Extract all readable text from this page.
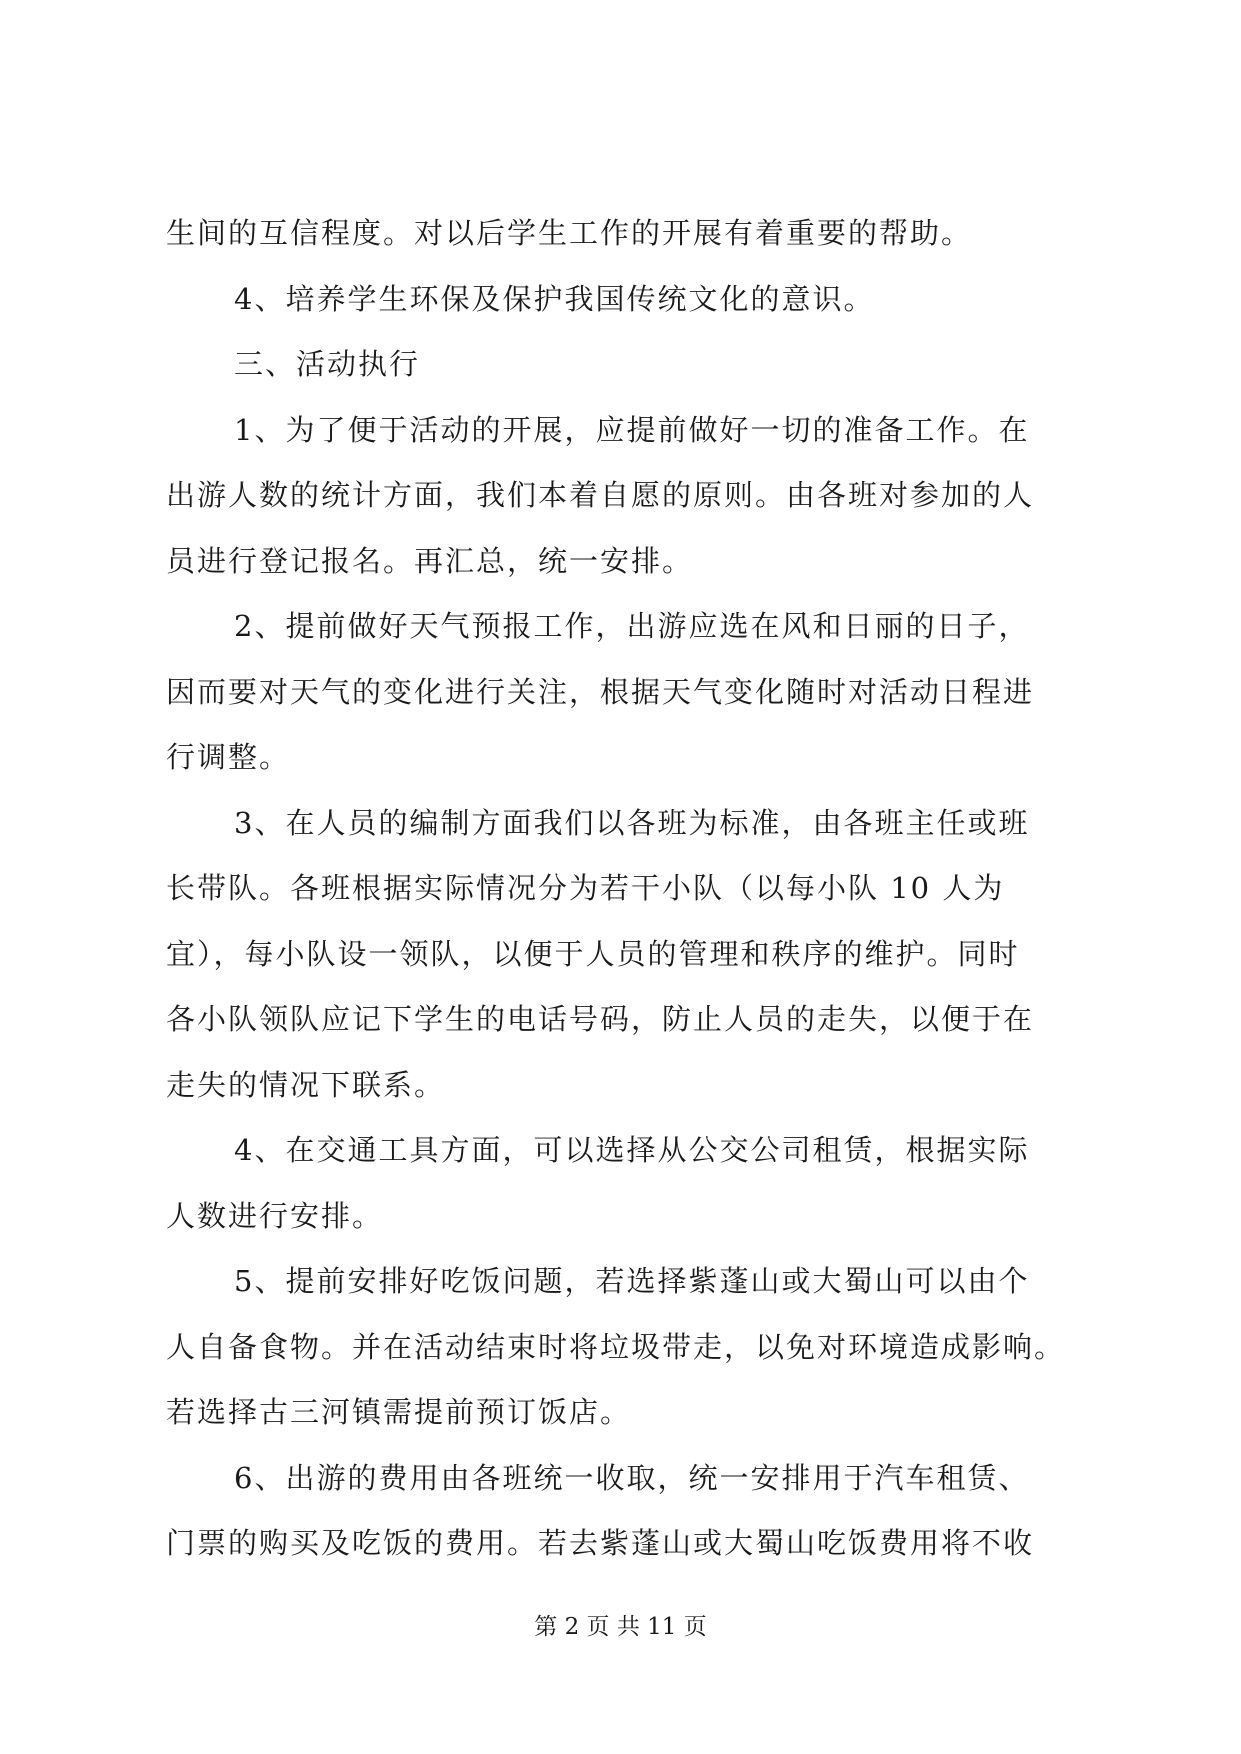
生间的互信程度。对以后学生工作的开展有着重要的帮助。
4、培养学生环保及保护我国传统文化的意识。
三、活动执行
1、为了便于活动的开展，应提前做好一切的准备工作。在
出游人数的统计方面，我们本着自愿的原则。由各班对参加的人
员进行登记报名。再汇总，统一安排。
2、提前做好天气预报工作，出游应选在风和日丽的日子，
因而要对天气的变化进行关注，根据天气变化随时对活动日程进
行调整。
3、在人员的编制方面我们以各班为标准，由各班主任或班
长带队。各班根据实际情况分为若干小队（以每小队 10 人为
宜），每小队设一领队，以便于人员的管理和秩序的维护。同时
各小队领队应记下学生的电话号码，防止人员的走失，以便于在
走失的情况下联系。
4、在交通工具方面，可以选择从公交公司租赁，根据实际
人数进行安排。
5、提前安排好吃饭问题，若选择紫蓬山或大蜀山可以由个
人自备食物。并在活动结束时将垃圾带走，以免对环境造成影响。
若选择古三河镇需提前预订饭店。
6、出游的费用由各班统一收取，统一安排用于汽车租赁、
门票的购买及吃饭的费用。若去紫蓬山或大蜀山吃饭费用将不收
第 2 页 共 11 页
